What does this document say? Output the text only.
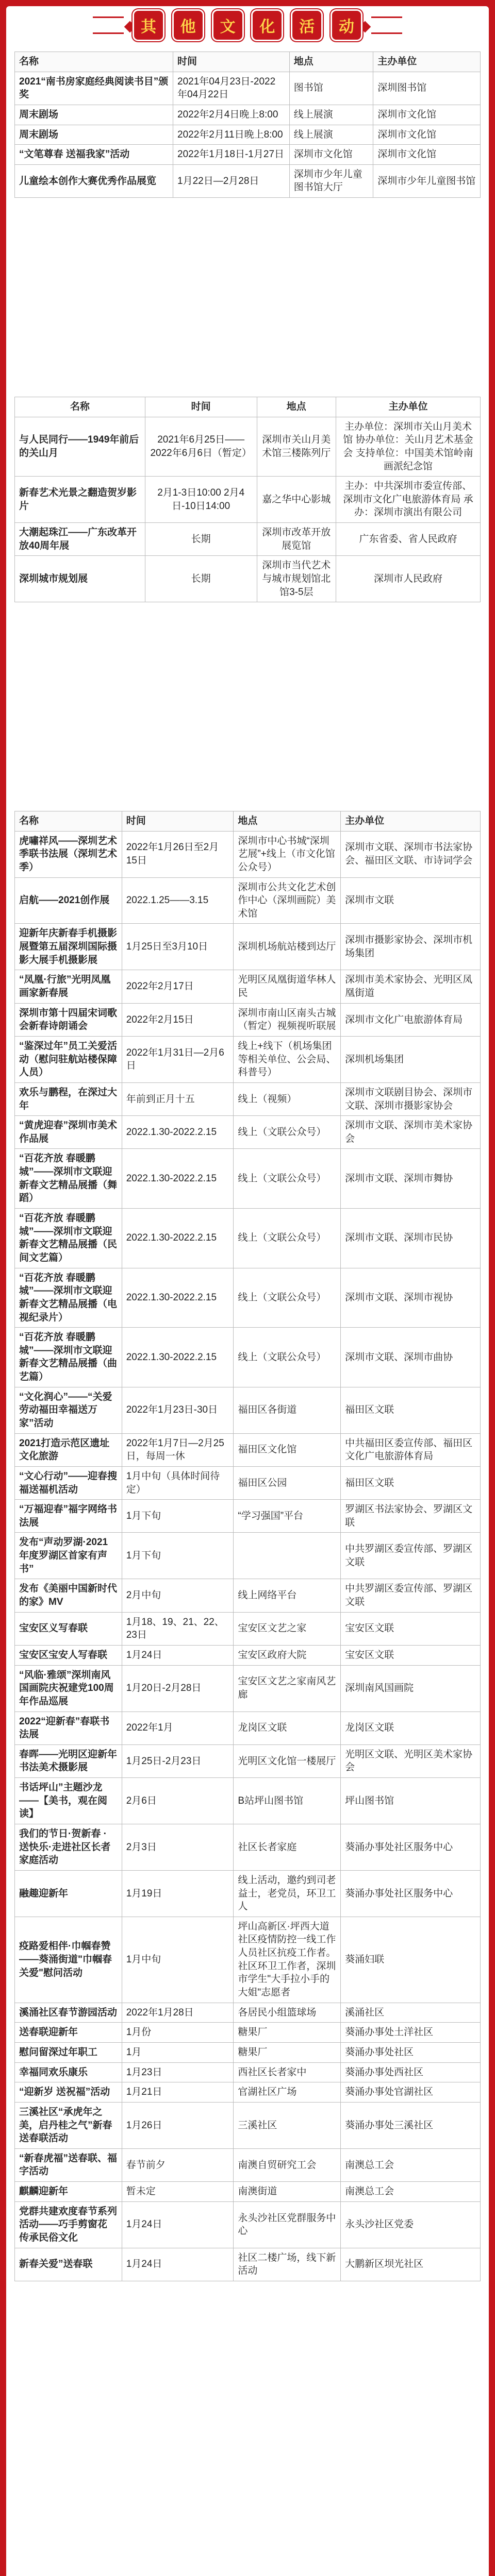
其	他	文	化	活	动
名称	时间	地点	主办单位
2021“南书房家庭经典阅读书目”颁奖	2021年04月23日-2022年04月22日	图书馆	深圳图书馆
周末剧场	2022年2月4日晚上8:00	线上展演	深圳市文化馆
周末剧场	2022年2月11日晚上8:00	线上展演	深圳市文化馆
“文笔尊春 送福我家”活动	2022年1月18日-1月27日	深圳市文化馆	深圳市文化馆
儿童绘本创作大赛优秀作品展览	1月22日—2月28日	深圳市少年儿童图书馆大厅	深圳市少年儿童图书馆
名称	时间	地点	主办单位
与人民同行——1949年前后的关山月	2021年6月25日——2022年6月6日（暂定）	深圳市关山月美术馆三楼陈列厅	主办单位：深圳市关山月美术馆 协办单位：关山月艺术基金会 支持单位：中国美术馆岭南画派纪念馆
新春艺术光景之翻造贺岁影片	2月1-3日10:00 2月4日-10日14:00	嘉之华中心影城	主办：中共深圳市委宣传部、深圳市文化广电旅游体育局 承办：深圳市演出有限公司
大潮起珠江——广东改革开放40周年展	长期	深圳市改革开放展览馆	广东省委、省人民政府
深圳城市规划展	长期	深圳市当代艺术与城市规划馆北馆3-5层	深圳市人民政府
名称	时间	地点	主办单位
虎嘯祥风——深圳艺术季联书法展（深圳艺术季）	2022年1月26日至2月15日	深圳市中心书城“深圳艺展”+线上（市文化馆公众号）	深圳市文联、深圳市书法家协会、福田区文联、市诗词学会
启航——2021创作展	2022.1.25——3.15	深圳市公共文化艺术创作中心（深圳画院）美术馆	深圳市文联
迎新年庆新春手机摄影展暨第五届深圳国际摄影大展手机摄影展	1月25日至3月10日	深圳机场航站楼到达厅	深圳市摄影家协会、深圳市机场集团
“凤凰·行旅”光明凤凰画家新春展	2022年2月17日	光明区凤凰街道华林人民	深圳市美术家协会、光明区凤凰街道
深圳市第十四届宋词歌会新春诗朗诵会	2022年2月15日	深圳市南山区南头古城（暂定）视频视听联展	深圳市文化广电旅游体育局
“鉴深过年”员工关爱活动（慰问驻航站楼保障人员）	2022年1月31日—2月6日	线上+线下（机场集团等相关单位、公会局、科普号）	深圳机场集团
欢乐与鹏程，在深过大年	年前到正月十五	线上（视频）	深圳市文联剧目协会、深圳市文联、深圳市摄影家协会
“黄虎迎春”深圳市美术作品展	2022.1.30-2022.2.15	线上（文联公众号）	深圳市文联、深圳市美术家协会
“百花齐放 春暖鹏城”——深圳市文联迎新春文艺精品展播（舞蹈）	2022.1.30-2022.2.15	线上（文联公众号）	深圳市文联、深圳市舞协
“百花齐放 春暖鹏城”——深圳市文联迎新春文艺精品展播（民间文艺篇）	2022.1.30-2022.2.15	线上（文联公众号）	深圳市文联、深圳市民协
“百花齐放 春暖鹏城”——深圳市文联迎新春文艺精品展播（电视纪录片）	2022.1.30-2022.2.15	线上（文联公众号）	深圳市文联、深圳市视协
“百花齐放 春暖鹏城”——深圳市文联迎新春文艺精品展播（曲艺篇）	2022.1.30-2022.2.15	线上（文联公众号）	深圳市文联、深圳市曲协
“文化润心”——“关爱劳动福田幸福送万家”活动	2022年1月23日-30日	福田区各街道	福田区文联
2021打造示范区遗址文化旅游	2022年1月7日—2月25日，每周一休	福田区文化馆	中共福田区委宣传部、福田区文化广电旅游体育局
“文心行动”——迎春搜福送福机活动	1月中旬（具体时间待定）	福田区公园	福田区文联
“万福迎春”福字网络书法展	1月下旬	“学习强国”平台	罗湖区书法家协会、罗湖区文联
发布“声动罗湖·2021年度罗湖区首家有声书”	1月下旬		中共罗湖区委宣传部、罗湖区文联
发布《美丽中国新时代的家》MV	2月中旬	线上网络平台	中共罗湖区委宣传部、罗湖区文联
宝安区义写春联	1月18、19、21、22、23日	宝安区文艺之家	宝安区文联
宝安区宝安人写春联	1月24日	宝安区政府大院	宝安区文联
“风临·雅颂”深圳南风国画院庆祝建党100周年作品巡展	1月20日-2月28日	宝安区文艺之家南风艺廊	深圳南风国画院
2022“迎新春”春联书法展	2022年1月	龙岗区文联	龙岗区文联
春晖——光明区迎新年书法美术摄影展	1月25日-2月23日	光明区文化馆一楼展厅	光明区文联、光明区美术家协会
书话坪山”主题沙龙——【美书，观在阅读】	2月6日	B站坪山图书馆	坪山图书馆
我们的节日·贺新春 · 送快乐·走进社区长者家庭活动	2月3日	社区长者家庭	葵涌办事处社区服务中心
融趣迎新年	1月19日	线上活动，邀约到司老益士，老党员，环卫工人	葵涌办事处社区服务中心
疫路爱相伴·巾帼春赞 ——葵涌街道"巾帼春关爱"慰问活动	1月中旬	坪山高新区·坪西大道社区疫情防控一线工作人员社区抗疫工作者。社区环卫工作者，深圳市学生"大手拉小手的大姐"志愿者	葵涌妇联
溪涌社区春节游园活动	2022年1月28日	各居民小组篮球场	溪涌社区
送春联迎新年	1月份	糖果厂	葵涌办事处土洋社区
慰问留深过年职工	1月	糖果厂	葵涌办事处社区
幸福同欢乐康乐	1月23日	西社区长者家中	葵涌办事处西社区
“迎新岁 送祝福”活动	1月21日	官湖社区广场	葵涌办事处官湖社区
三溪社区“承虎年之美，启丹桂之气”新春送春联活动	1月26日	三溪社区	葵涌办事处三溪社区
“新春虎福”送春联、福字活动	春节前夕	南澳自贸研究工会	南澳总工会
麒麟迎新年	暂未定	南澳街道	南澳总工会
党群共建欢度春节系列活动——巧手剪窗花 传承民俗文化	1月24日	永头沙社区党群服务中心	永头沙社区党委
新春关爱”送春联	1月24日	社区二楼广场，线下新活动	大鹏新区坝光社区
